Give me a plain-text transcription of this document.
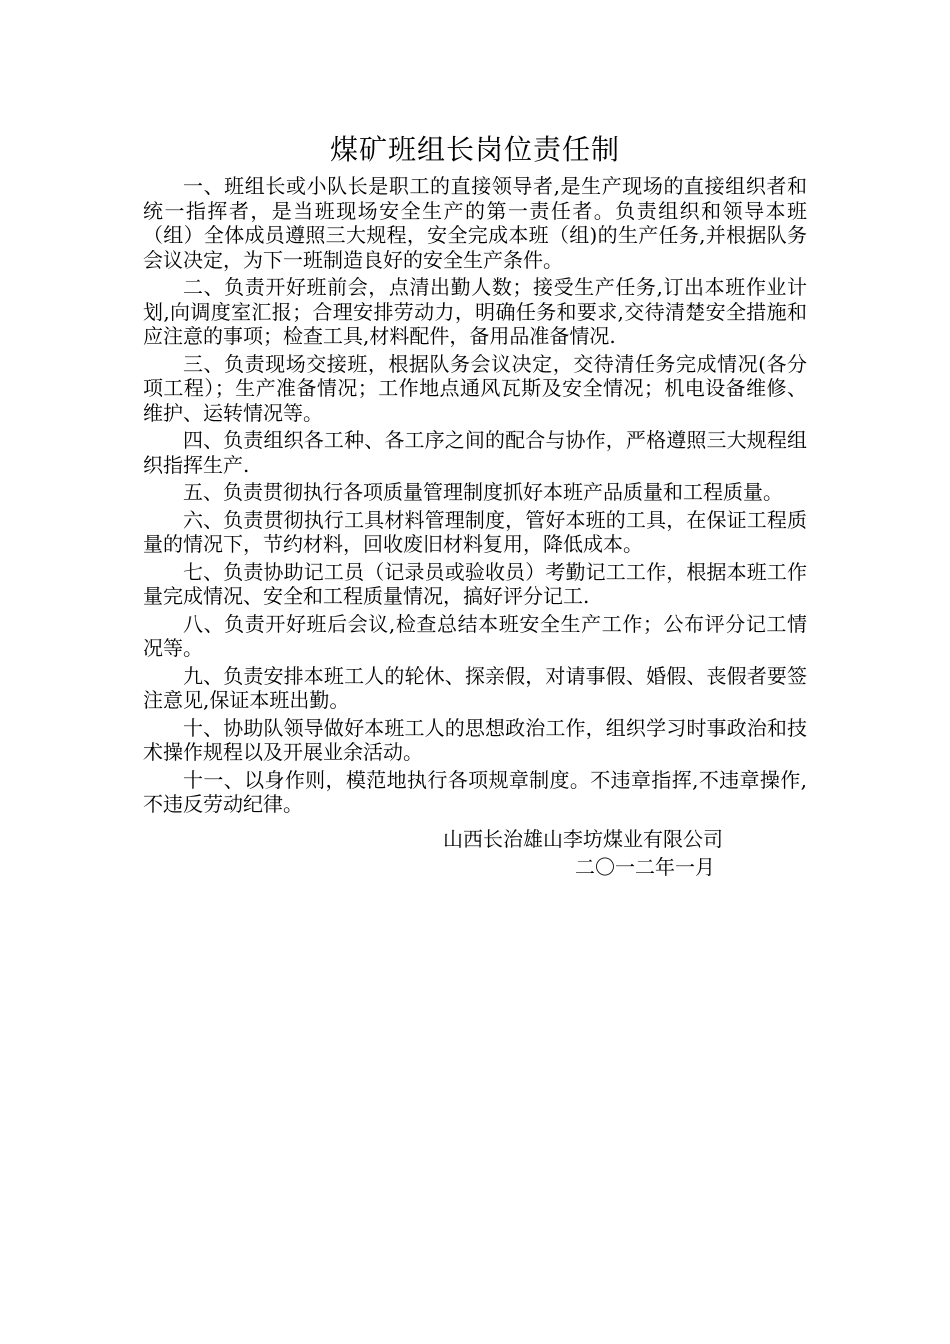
煤矿班组长岗位责任制

一、班组长或小队长是职工的直接领导者,是生产现场的直接组织者和统一指挥者，是当班现场安全生产的第一责任者。负责组织和领导本班（组）全体成员遵照三大规程，安全完成本班（组)的生产任务,并根据队务会议决定，为下一班制造良好的安全生产条件。

二、负责开好班前会，点清出勤人数；接受生产任务,订出本班作业计划,向调度室汇报；合理安排劳动力，明确任务和要求,交待清楚安全措施和应注意的事项；检查工具,材料配件，备用品准备情况.

三、负责现场交接班，根据队务会议决定，交待清任务完成情况(各分项工程）；生产准备情况；工作地点通风瓦斯及安全情况；机电设备维修、维护、运转情况等。

四、负责组织各工种、各工序之间的配合与协作，严格遵照三大规程组织指挥生产.

五、负责贯彻执行各项质量管理制度抓好本班产品质量和工程质量。

六、负责贯彻执行工具材料管理制度，管好本班的工具，在保证工程质量的情况下，节约材料，回收废旧材料复用，降低成本。

七、负责协助记工员（记录员或验收员）考勤记工工作，根据本班工作量完成情况、安全和工程质量情况，搞好评分记工.

八、负责开好班后会议,检查总结本班安全生产工作；公布评分记工情况等。

九、负责安排本班工人的轮休、探亲假，对请事假、婚假、丧假者要签注意见,保证本班出勤。

十、协助队领导做好本班工人的思想政治工作，组织学习时事政治和技术操作规程以及开展业余活动。

十一、以身作则，模范地执行各项规章制度。不违章指挥,不违章操作,不违反劳动纪律。

山西长治雄山李坊煤业有限公司
二〇一二年一月
